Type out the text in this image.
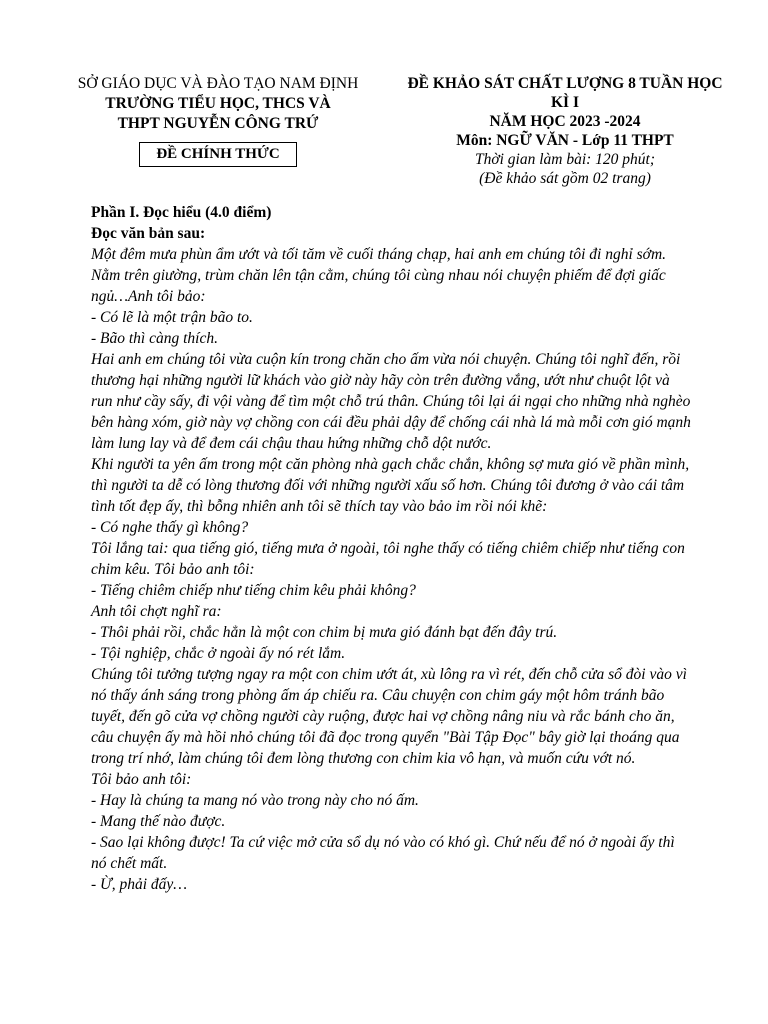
SỞ GIÁO DỤC VÀ ĐÀO TẠO NAM ĐỊNH
TRƯỜNG TIỂU HỌC, THCS VÀ
THPT NGUYỄN CÔNG TRỨ
ĐỀ CHÍNH THỨC
ĐỀ KHẢO SÁT CHẤT LƯỢNG 8 TUẦN HỌC
KÌ I
NĂM HỌC 2023 -2024
Môn: NGỮ VĂN - Lớp 11 THPT
Thời gian làm bài: 120 phút;
(Đề khảo sát gồm 02 trang)
Phần I. Đọc hiểu (4.0 điểm)
Đọc văn bản sau:
Một đêm mưa phùn ẩm ướt và tối tăm về cuối tháng chạp, hai anh em chúng tôi đi nghỉ sớm. Nằm trên giường, trùm chăn lên tận cằm, chúng tôi cùng nhau nói chuyện phiếm để đợi giấc ngủ…Anh tôi bảo:
- Có lẽ là một trận bão to.
- Bão thì càng thích.
Hai anh em chúng tôi vừa cuộn kín trong chăn cho ấm vừa nói chuyện. Chúng tôi nghĩ đến, rồi thương hại những người lữ khách vào giờ này hãy còn trên đường vắng, ướt như chuột lột và run như cầy sấy, đi vội vàng để tìm một chỗ trú thân. Chúng tôi lại ái ngại cho những nhà nghèo bên hàng xóm, giờ này vợ chồng con cái đều phải dậy để chống cái nhà lá mà mỗi cơn gió mạnh làm lung lay và để đem cái chậu thau hứng những chỗ dột nước.
Khi người ta yên ấm trong một căn phòng nhà gạch chắc chắn, không sợ mưa gió về phần mình, thì người ta dễ có lòng thương đối với những người xấu số hơn. Chúng tôi đương ở vào cái tâm tình tốt đẹp ấy, thì bỗng nhiên anh tôi sẽ thích tay vào bảo im rồi nói khẽ:
- Có nghe thấy gì không?
Tôi lắng tai: qua tiếng gió, tiếng mưa ở ngoài, tôi nghe thấy có tiếng chiêm chiếp như tiếng con chim kêu. Tôi bảo anh tôi:
- Tiếng chiêm chiếp như tiếng chim kêu phải không?
Anh tôi chợt nghĩ ra:
- Thôi phải rồi, chắc hẳn là một con chim bị mưa gió đánh bạt đến đây trú.
- Tội nghiệp, chắc ở ngoài ấy nó rét lắm.
Chúng tôi tưởng tượng ngay ra một con chim ướt át, xù lông ra vì rét, đến chỗ cửa sổ đòi vào vì nó thấy ánh sáng trong phòng ấm áp chiếu ra. Câu chuyện con chim gáy một hôm tránh bão tuyết, đến gõ cửa vợ chồng người cày ruộng, được hai vợ chồng nâng niu và rắc bánh cho ăn, câu chuyện ấy mà hồi nhỏ chúng tôi đã đọc trong quyển "Bài Tập Đọc" bây giờ lại thoáng qua trong trí nhớ, làm chúng tôi đem lòng thương con chim kia vô hạn, và muốn cứu vớt nó.
Tôi bảo anh tôi:
- Hay là chúng ta mang nó vào trong này cho nó ấm.
- Mang thế nào được.
- Sao lại không được! Ta cứ việc mở cửa sổ dụ nó vào có khó gì. Chứ nếu để nó ở ngoài ấy thì nó chết mất.
- Ừ, phải đấy…
